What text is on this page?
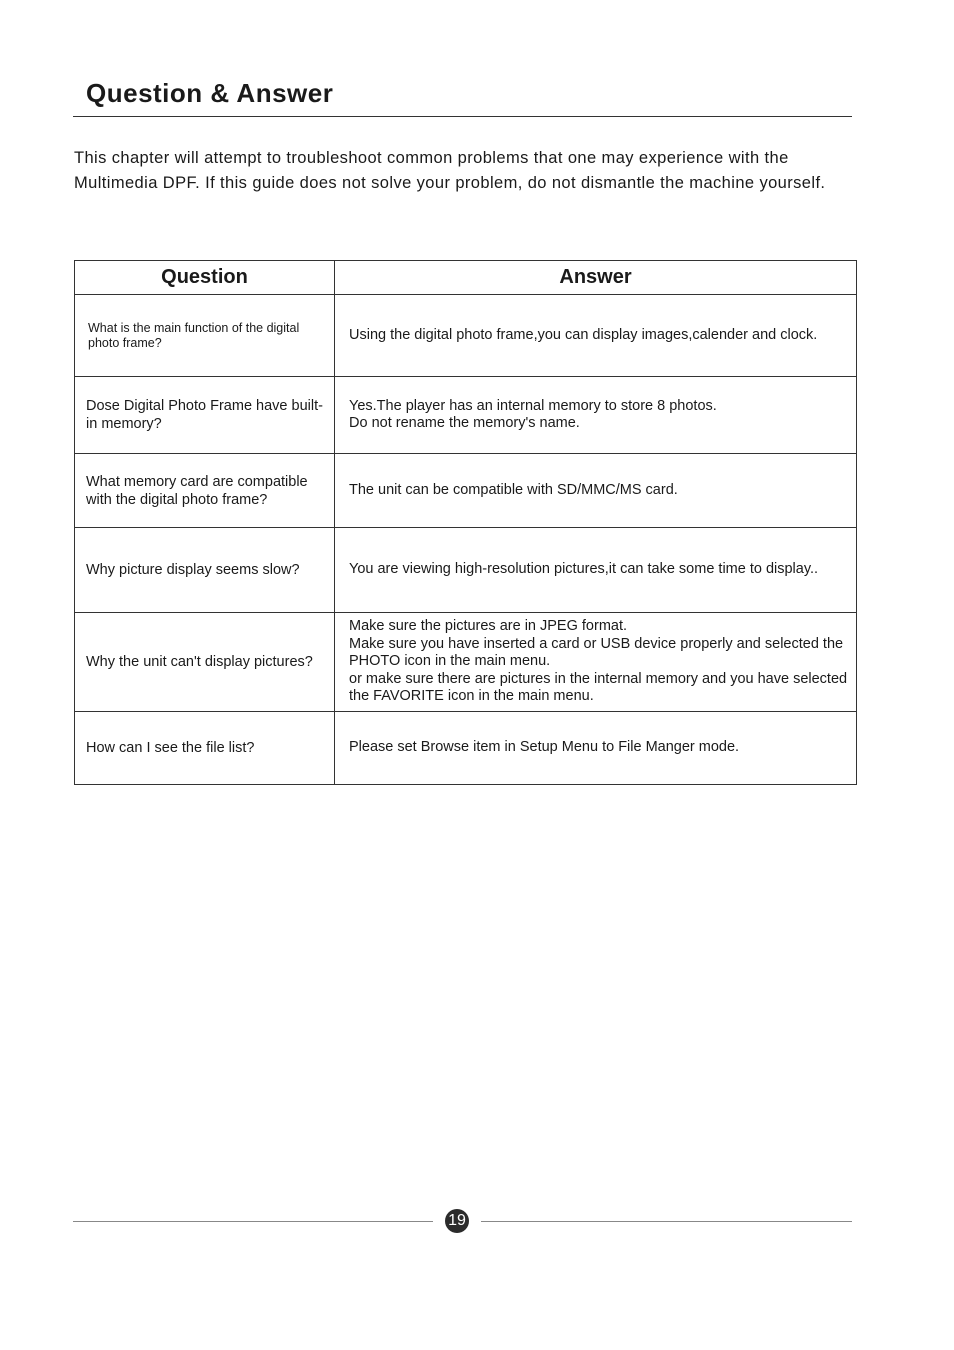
Question & Answer

This chapter will attempt to troubleshoot common problems that one may experience with the Multimedia DPF. If this guide does not solve your problem, do not dismantle the machine yourself.

Question	Answer
What is the main function of the digital photo frame?	Using the digital photo frame,you can display images,calender and clock.

Dose Digital Photo Frame have built-in memory?	Yes.The player has an internal memory to store 8 photos.
Do not rename the memory's name.

What memory card are compatible with the digital photo frame?	The unit can be compatible with SD/MMC/MS card.

Why picture display seems slow?	You are viewing high-resolution pictures,it can take some time to display..

Why the unit can't display pictures?	Make sure the pictures are in JPEG format.
Make sure you have inserted a card or USB device properly and selected the PHOTO icon in the main menu.
or make sure there are pictures in the internal memory and you have selected the FAVORITE icon in the main menu.

How can I see the file list?	Please set Browse item in Setup Menu to File Manger mode.
19
